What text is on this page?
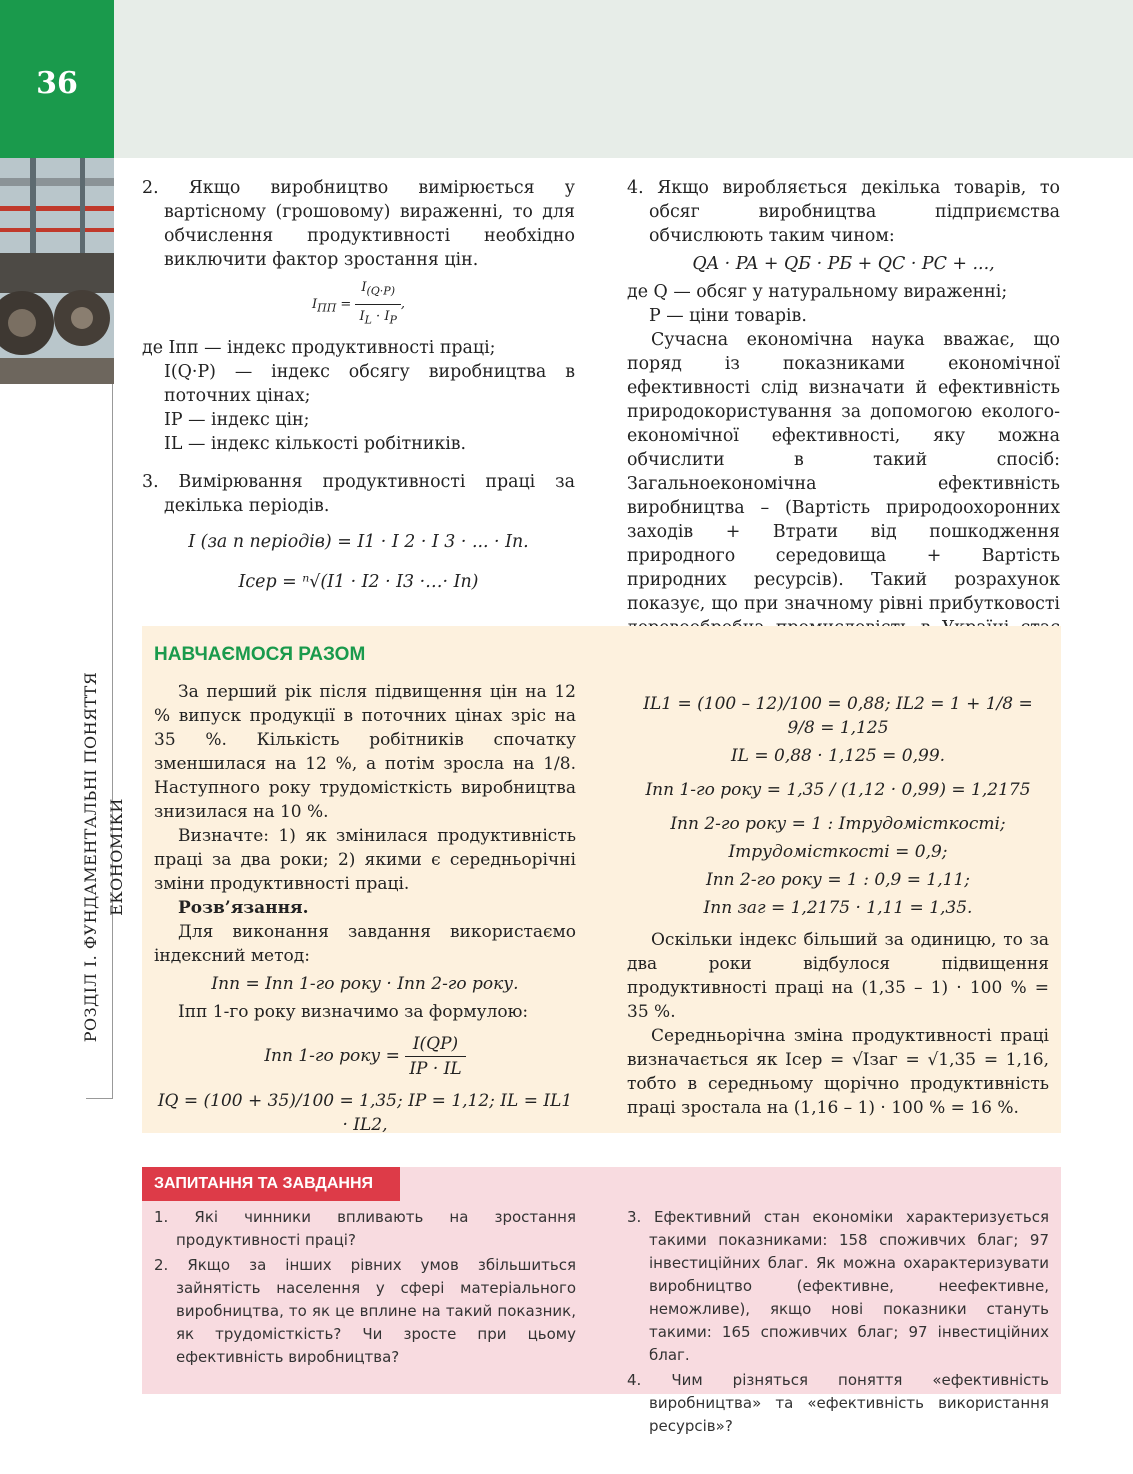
36
РОЗДІЛ І. ФУНДАМЕНТАЛЬНІ ПОНЯТТЯ ЕКОНОМІКИ

2. Якщо виробництво вимірюється у вартісному (грошовому) вираженні, то для обчислення продуктивності необхідно виключити фактор зростання цін.

$I_{ПП} = \frac{I_{(Q\cdot P)}}{I_L \cdot I_P}$ ,

де Iпп — індекс продуктивності праці;

I(Q·P) — індекс обсягу виробництва в поточних цінах;

IP — індекс цін;

IL — індекс кількості робітників.

3. Вимірювання продуктивності праці за декілька періодів.

I (за n періодів) = I1 · I 2 · I 3 · ... · In.
Iсер = ⁿ√(I1 · I2 · I3 ·…· In)

4. Якщо виробляється декілька товарів, то обсяг виробництва підприємства обчислюють таким чином:

QA · PA + QБ · PБ + QC · PC + ...,

де Q — обсяг у натуральному вираженні;

P — ціни товарів.

Сучасна економічна наука вважає, що поряд із показниками економічної ефективності слід визначати й ефективність природокористування за допомогою еколого-економічної ефективності, яку можна обчислити в такий спосіб: Загальноекономічна ефективність виробництва – (Вартість природоохоронних заходів + Втрати від пошкодження природного середовища + Вартість природних ресурсів). Такий розрахунок показує, що при значному рівні прибутковості

НАВЧАЄМОСЯ РАЗОМ

За перший рік після підвищення цін на 12 % випуск продукції в поточних цінах зріс на 35 %. Кількість робітників спочатку зменшилася на 12 %, а потім зросла на 1/8. Наступного року трудомісткість виробництва знизилася на 10 %.

Визначте: 1) як змінилася продуктивність праці за два роки; 2) якими є середньорічні зміни продуктивності праці.

Розв’язання.

Для виконання завдання використаємо індексний метод:

Iпп = Iпп 1-го року · Iпп 2-го року.

Iпп 1-го року визначимо за формулою:

Iпп 1-го року = $\frac{I(QP)}{IP \cdot IL}$
IQ = (100 + 35)/100 = 1,35; IP = 1,12; IL = IL1 · IL2,
IL1 = (100 – 12)/100 = 0,88; IL2 = 1 + 1/8 = 9/8 = 1,125
IL = 0,88 · 1,125 = 0,99.
Iпп 1-го року = 1,35 / (1,12 · 0,99) = 1,2175
Iпп 2-го року = 1 : Iтрудомісткості;
Iтрудомісткості = 0,9;
Iпп 2-го року = 1 : 0,9 = 1,11;
Iпп заг = 1,2175 · 1,11 = 1,35.

Оскільки індекс більший за одиницю, то за два роки відбулося підвищення продуктивності праці на (1,35 – 1) · 100 % = 35 %.

Середньорічна зміна продуктивності праці визначається як Iсер = √Iзаг = √1,35 = 1,16, тобто в середньому щорічно продуктивність праці зростала на (1,16 – 1) · 100 % = 16 %.

ЗАПИТАННЯ ТА ЗАВДАННЯ

1. Які чинники впливають на зростання продуктивності праці?

2. Якщо за інших рівних умов збільшиться зайнятість населення у сфері матеріального виробництва, то як це вплине на такий показник, як трудомісткість? Чи зросте при цьому ефективність виробництва?

3. Ефективний стан економіки характеризується такими показниками: 158 споживчих благ; 97 інвестиційних благ. Як можна охарактеризувати виробництво (ефективне, неефективне, неможливе), якщо нові показники стануть такими: 165 споживчих благ; 97 інвестиційних благ.

4. Чим різняться поняття «ефективність виробництва» та «ефективність використання ресурсів»?
